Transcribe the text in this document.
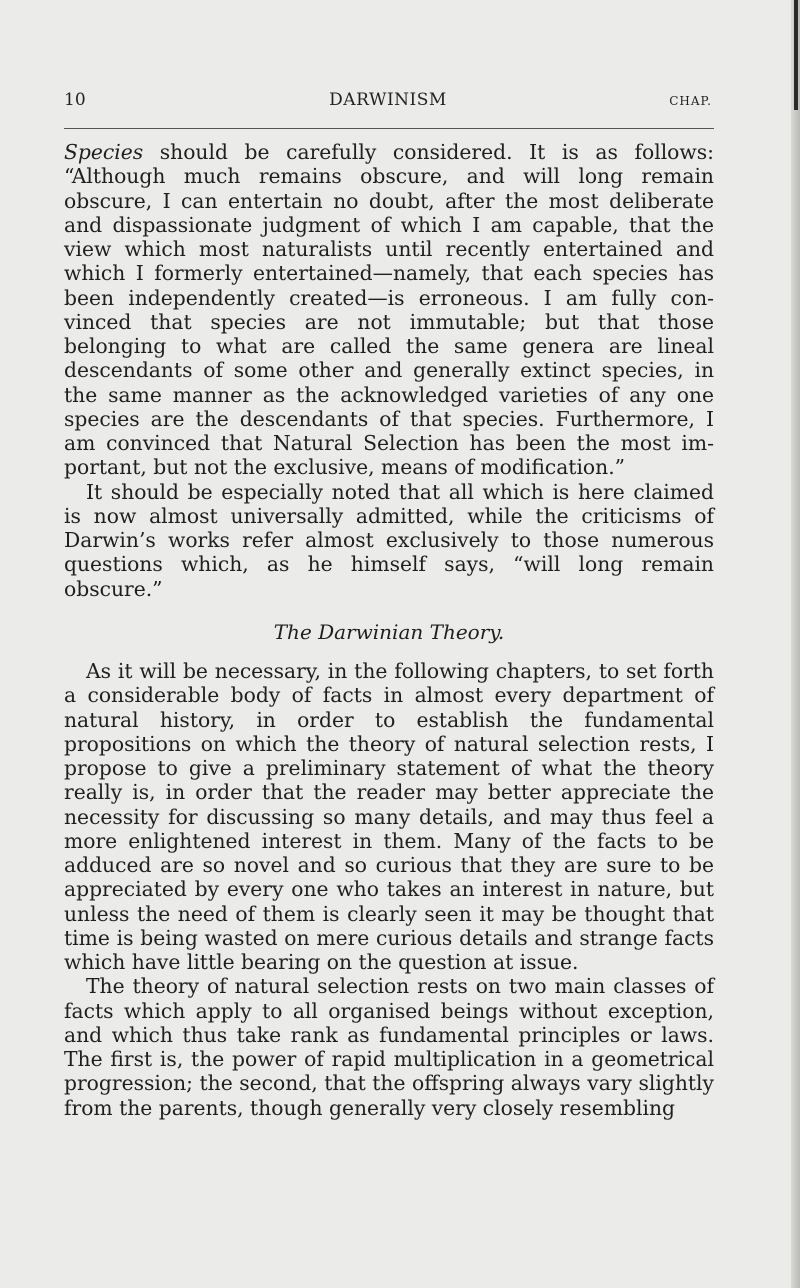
10	DARWINISM	CHAP.

Species should be carefully considered. It is as follows: “Although much remains obscure, and will long remain obscure, I can entertain no doubt, after the most deliberate and dispassionate judgment of which I am capable, that the view which most naturalists until recently entertained and which I formerly entertained—namely, that each species has been independently created—is erroneous. I am fully convinced that species are not immutable; but that those belonging to what are called the same genera are lineal descendants of some other and generally extinct species, in the same manner as the acknowledged varieties of any one species are the descendants of that species. Furthermore, I am convinced that Natural Selection has been the most important, but not the exclusive, means of modification.”

It should be especially noted that all which is here claimed is now almost universally admitted, while the criticisms of Darwin’s works refer almost exclusively to those numerous questions which, as he himself says, “will long remain obscure.”

The Darwinian Theory.

As it will be necessary, in the following chapters, to set forth a considerable body of facts in almost every department of natural history, in order to establish the fundamental propositions on which the theory of natural selection rests, I propose to give a preliminary statement of what the theory really is, in order that the reader may better appreciate the necessity for discussing so many details, and may thus feel a more enlightened interest in them. Many of the facts to be adduced are so novel and so curious that they are sure to be appreciated by every one who takes an interest in nature, but unless the need of them is clearly seen it may be thought that time is being wasted on mere curious details and strange facts which have little bearing on the question at issue.

The theory of natural selection rests on two main classes of facts which apply to all organised beings without exception, and which thus take rank as fundamental principles or laws. The first is, the power of rapid multiplication in a geometrical progression; the second, that the offspring always vary slightly from the parents, though generally very closely resembling
